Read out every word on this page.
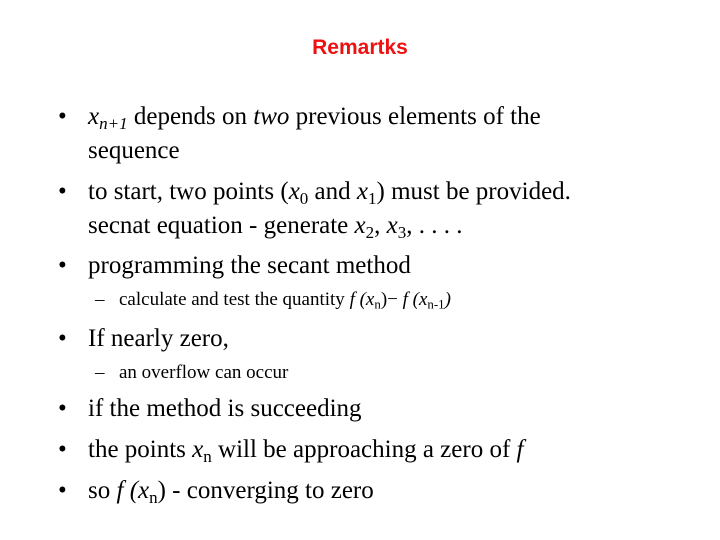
Remartks
• $x_{n+1}$ depends on two previous elements of the
sequence
• to start, two points ($x_0$ and $x_1$) must be provided.
secnat equation - generate $x_2$, $x_3$, . . . .
• programming the secant method
– calculate and test the quantity f $(x_n)- f$ $(x_{n-1})$
• If nearly zero,
– an overflow can occur
• if the method is succeeding
• the points $x_n$ will be approaching a zero of f
• so f $(x_n)$ - converging to zero
